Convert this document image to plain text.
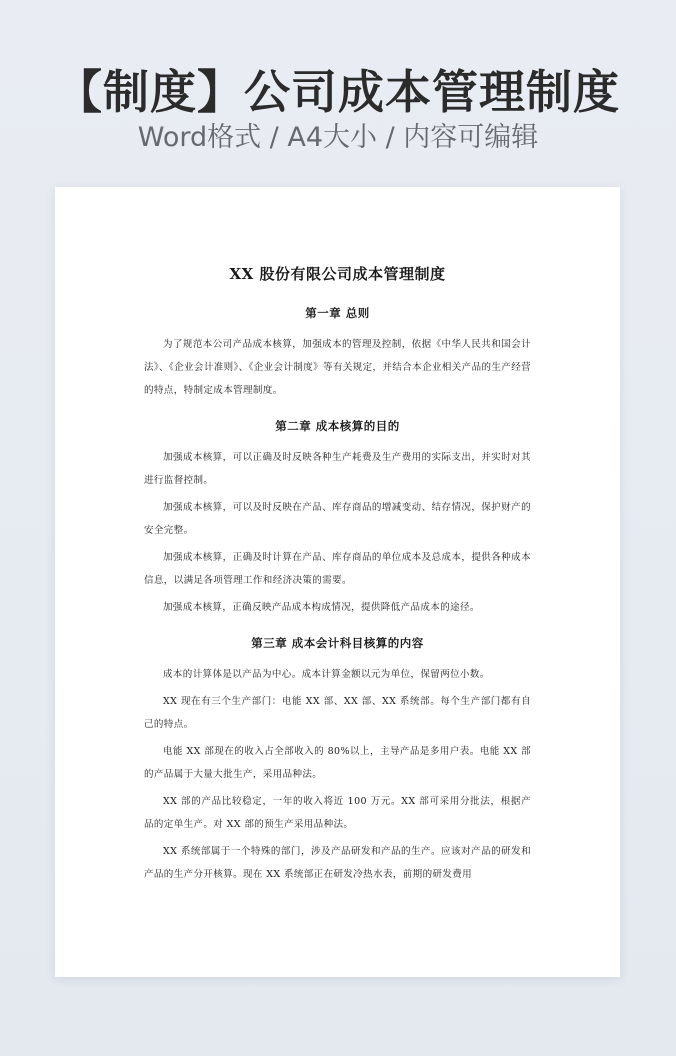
【制度】公司成本管理制度
Word格式 / A4大小 / 内容可编辑
XX 股份有限公司成本管理制度
第一章 总则

为了规范本公司产品成本核算，加强成本的管理及控制，依据《中华人民共和国会计法》、《企业会计准则》、《企业会计制度》等有关规定，并结合本企业相关产品的生产经营的特点，特制定成本管理制度。

第二章 成本核算的目的

加强成本核算，可以正确及时反映各种生产耗费及生产费用的实际支出，并实时对其进行监督控制。

加强成本核算，可以及时反映在产品、库存商品的增减变动、结存情况，保护财产的安全完整。

加强成本核算，正确及时计算在产品、库存商品的单位成本及总成本，提供各种成本信息，以满足各项管理工作和经济决策的需要。

加强成本核算，正确反映产品成本构成情况，提供降低产品成本的途径。

第三章 成本会计科目核算的内容

成本的计算体是以产品为中心。成本计算金额以元为单位，保留两位小数。

XX 现在有三个生产部门：电能 XX 部、XX 部、XX 系统部。每个生产部门都有自己的特点。

电能 XX 部现在的收入占全部收入的 80%以上，主导产品是多用户表。电能 XX 部的产品属于大量大批生产，采用品种法。

XX 部的产品比较稳定，一年的收入将近 100 万元。XX 部可采用分批法，根据产品的定单生产。对 XX 部的预生产采用品种法。

XX 系统部属于一个特殊的部门，涉及产品研发和产品的生产。应该对产品的研发和产品的生产分开核算。现在 XX 系统部正在研发冷热水表，前期的研发费用
